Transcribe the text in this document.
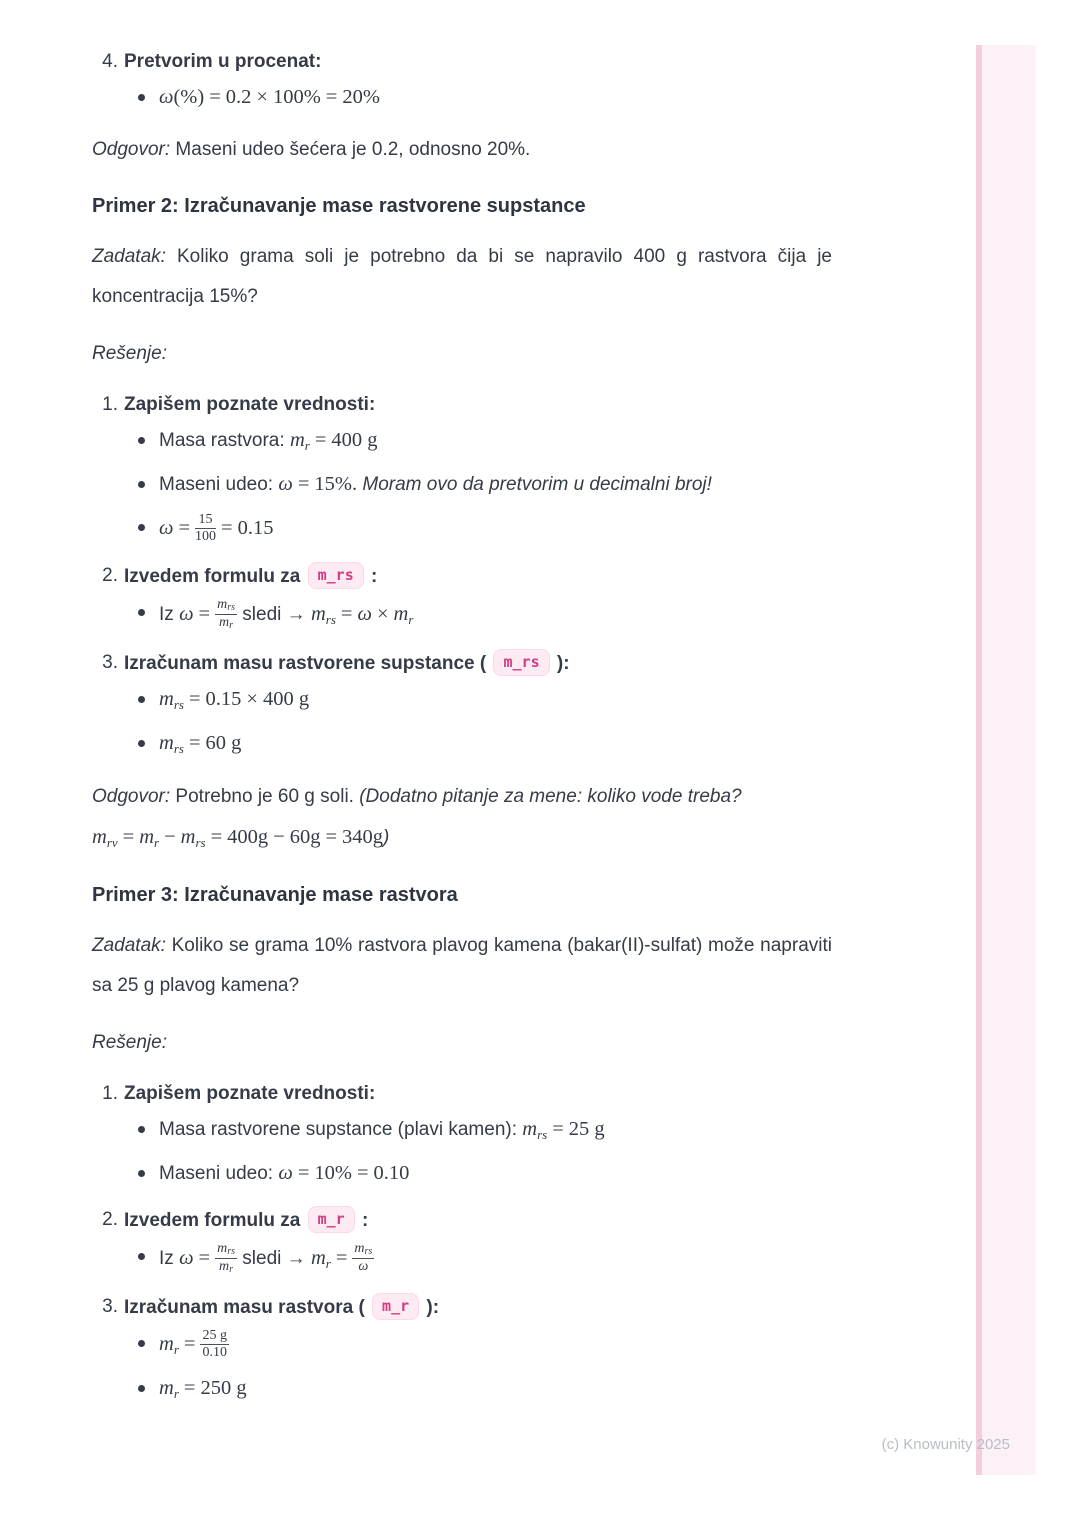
4. Pretvorim u procenat:
ω(%) = 0.2 × 100% = 20%

Odgovor: Maseni udeo šećera je 0.2, odnosno 20%.

Primer 2: Izračunavanje mase rastvorene supstance

Zadatak: Koliko grama soli je potrebno da bi se napravilo 400 g rastvora čija je koncentracija 15%?

Rešenje:

1. Zapišem poznate vrednosti:
Masa rastvora: mr = 400 g
Maseni udeo: ω = 15%. Moram ovo da pretvorim u decimalni broj!
$\omega = \frac{15}{100} = 0.15$
2. Izvedem formulu za m_rs :
Iz $\omega = \frac{\text{mrs}}{mr}$ sledi → mrs = ω × mr
3. Izračunam masu rastvorene supstance ( m_rs ):
mrs = 0.15 × 400 g
mrs = 60 g

Odgovor: Potrebno je 60 g soli. (Dodatno pitanje za mene: koliko vode treba? mrv = mr − mrs = 400g − 60g = 340g)

Primer 3: Izračunavanje mase rastvora

Zadatak: Koliko se grama 10% rastvora plavog kamena (bakar(II)-sulfat) može napraviti sa 25 g plavog kamena?

Rešenje:

1. Zapišem poznate vrednosti:
Masa rastvorene supstance (plavi kamen): mrs = 25 g
Maseni udeo: ω = 10% = 0.10
2. Izvedem formulu za m_r :
Iz $\omega = \frac{\text{mrs}}{mr}$ sledi → mr = $\frac{\text{mrs}}{\omega}$
3. Izračunam masu rastvora ( m_r ):
mr = $\frac{25 g}{0.10}$
mr = 250 g
(c) Knowunity 2025
